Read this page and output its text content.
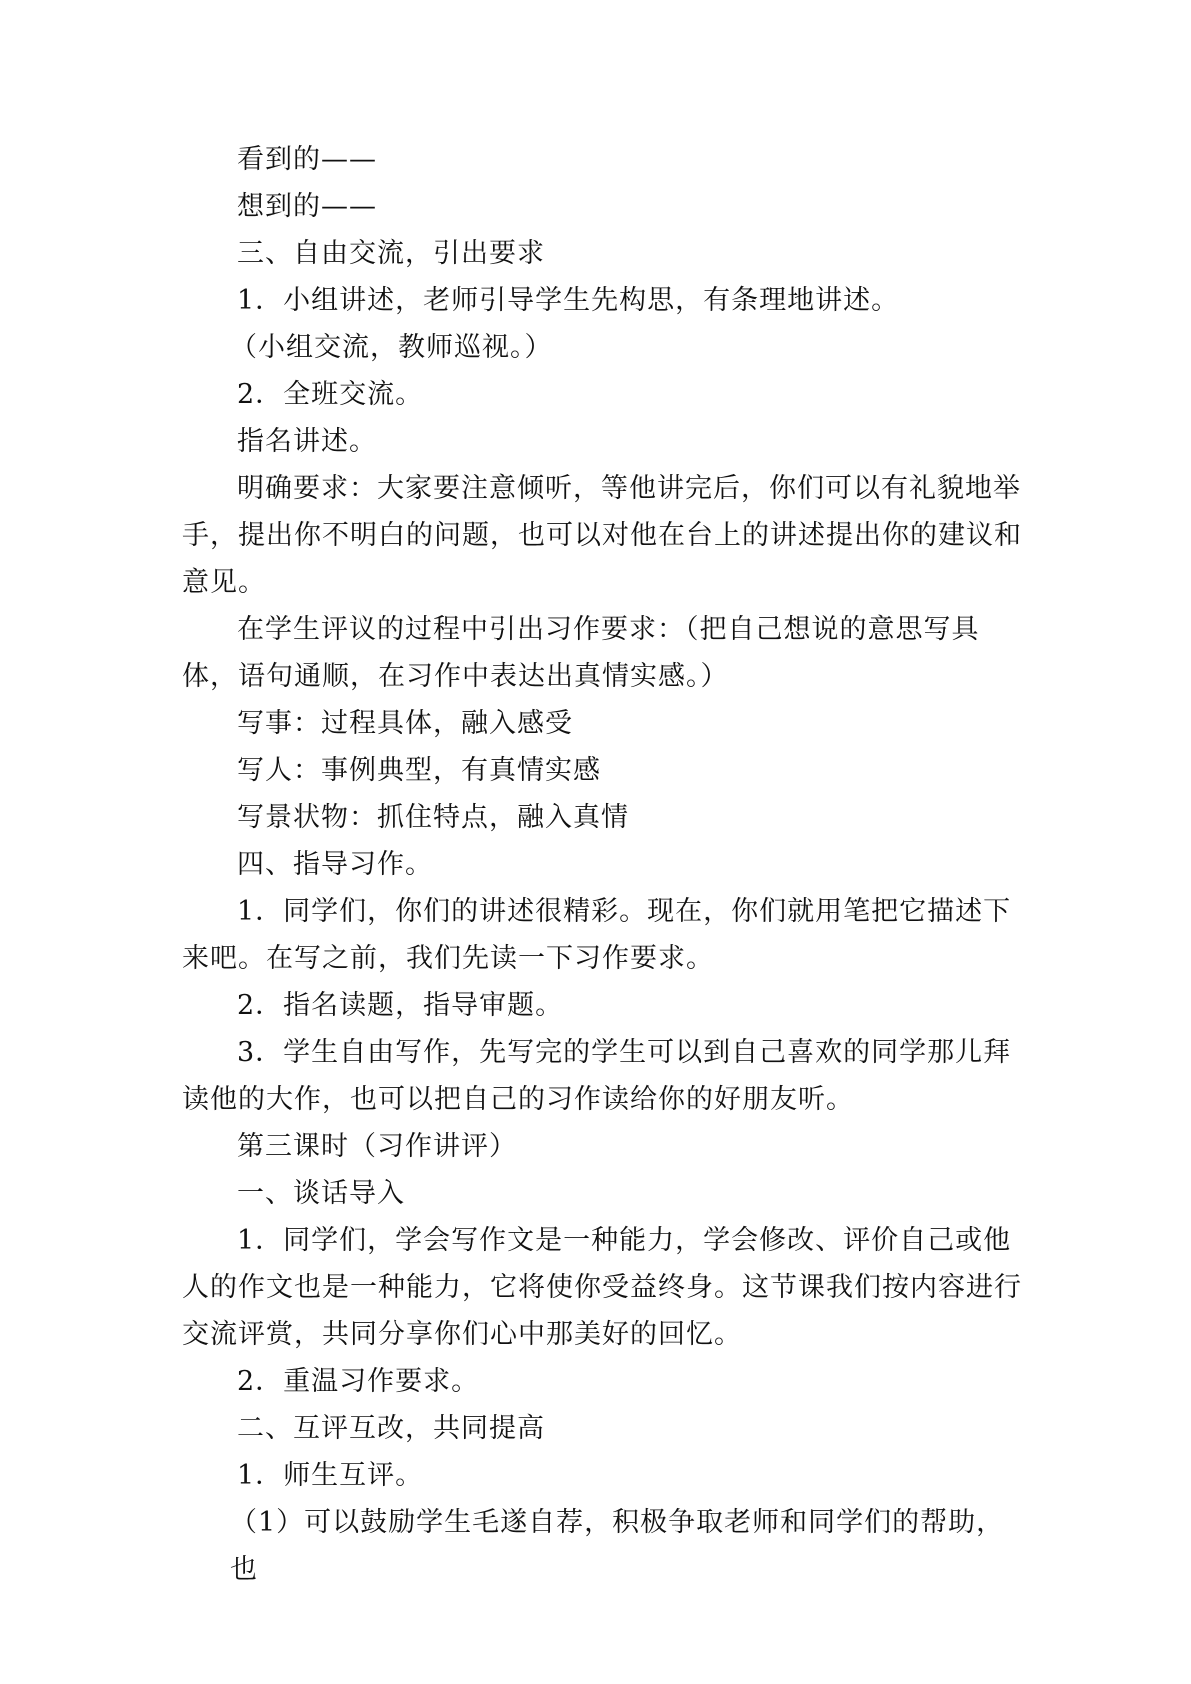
看到的——

想到的——

三、自由交流，引出要求

1．小组讲述，老师引导学生先构思，有条理地讲述。

（小组交流，教师巡视。）

2．全班交流。

指名讲述。

明确要求：大家要注意倾听，等他讲完后，你们可以有礼貌地举手，提出你不明白的问题，也可以对他在台上的讲述提出你的建议和意见。

在学生评议的过程中引出习作要求：（把自己想说的意思写具体，语句通顺，在习作中表达出真情实感。）

写事：过程具体，融入感受

写人：事例典型，有真情实感

写景状物：抓住特点，融入真情

四、指导习作。

1．同学们，你们的讲述很精彩。现在，你们就用笔把它描述下来吧。在写之前，我们先读一下习作要求。

2．指名读题，指导审题。

3．学生自由写作，先写完的学生可以到自己喜欢的同学那儿拜读他的大作，也可以把自己的习作读给你的好朋友听。

第三课时（习作讲评）

一、谈话导入

1．同学们，学会写作文是一种能力，学会修改、评价自己或他人的作文也是一种能力，它将使你受益终身。这节课我们按内容进行交流评赏，共同分享你们心中那美好的回忆。

2．重温习作要求。

二、互评互改，共同提高

1．师生互评。

（1）可以鼓励学生毛遂自荐，积极争取老师和同学们的帮助，也
